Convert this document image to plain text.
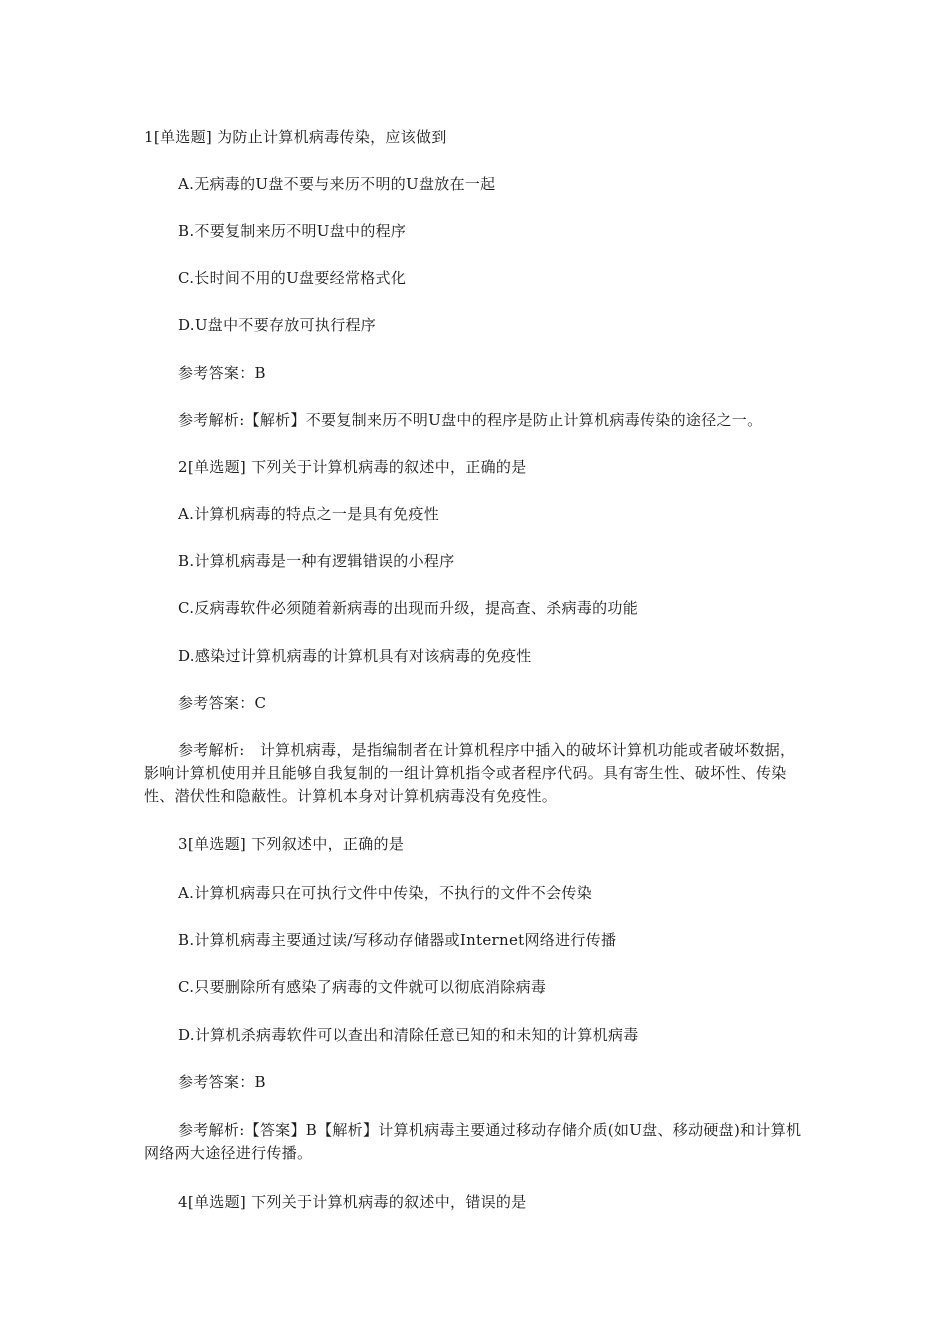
1[单选题] 为防止计算机病毒传染，应该做到
A.无病毒的U盘不要与来历不明的U盘放在一起
B.不要复制来历不明U盘中的程序
C.长时间不用的U盘要经常格式化
D.U盘中不要存放可执行程序
参考答案：B
参考解析:【解析】不要复制来历不明U盘中的程序是防止计算机病毒传染的途径之一。
2[单选题] 下列关于计算机病毒的叙述中，正确的是
A.计算机病毒的特点之一是具有免疫性
B.计算机病毒是一种有逻辑错误的小程序
C.反病毒软件必须随着新病毒的出现而升级，提高查、杀病毒的功能
D.感染过计算机病毒的计算机具有对该病毒的免疫性
参考答案：C
参考解析:　计算机病毒，是指编制者在计算机程序中插入的破坏计算机功能或者破坏数据，影响计算机使用并且能够自我复制的一组计算机指令或者程序代码。具有寄生性、破坏性、传染性、潜伏性和隐蔽性。计算机本身对计算机病毒没有免疫性。
3[单选题] 下列叙述中，正确的是
A.计算机病毒只在可执行文件中传染，不执行的文件不会传染
B.计算机病毒主要通过读/写移动存储器或Internet网络进行传播
C.只要删除所有感染了病毒的文件就可以彻底消除病毒
D.计算机杀病毒软件可以查出和清除任意已知的和未知的计算机病毒
参考答案：B
参考解析:【答案】B【解析】计算机病毒主要通过移动存储介质(如U盘、移动硬盘)和计算机网络两大途径进行传播。
4[单选题] 下列关于计算机病毒的叙述中，错误的是
